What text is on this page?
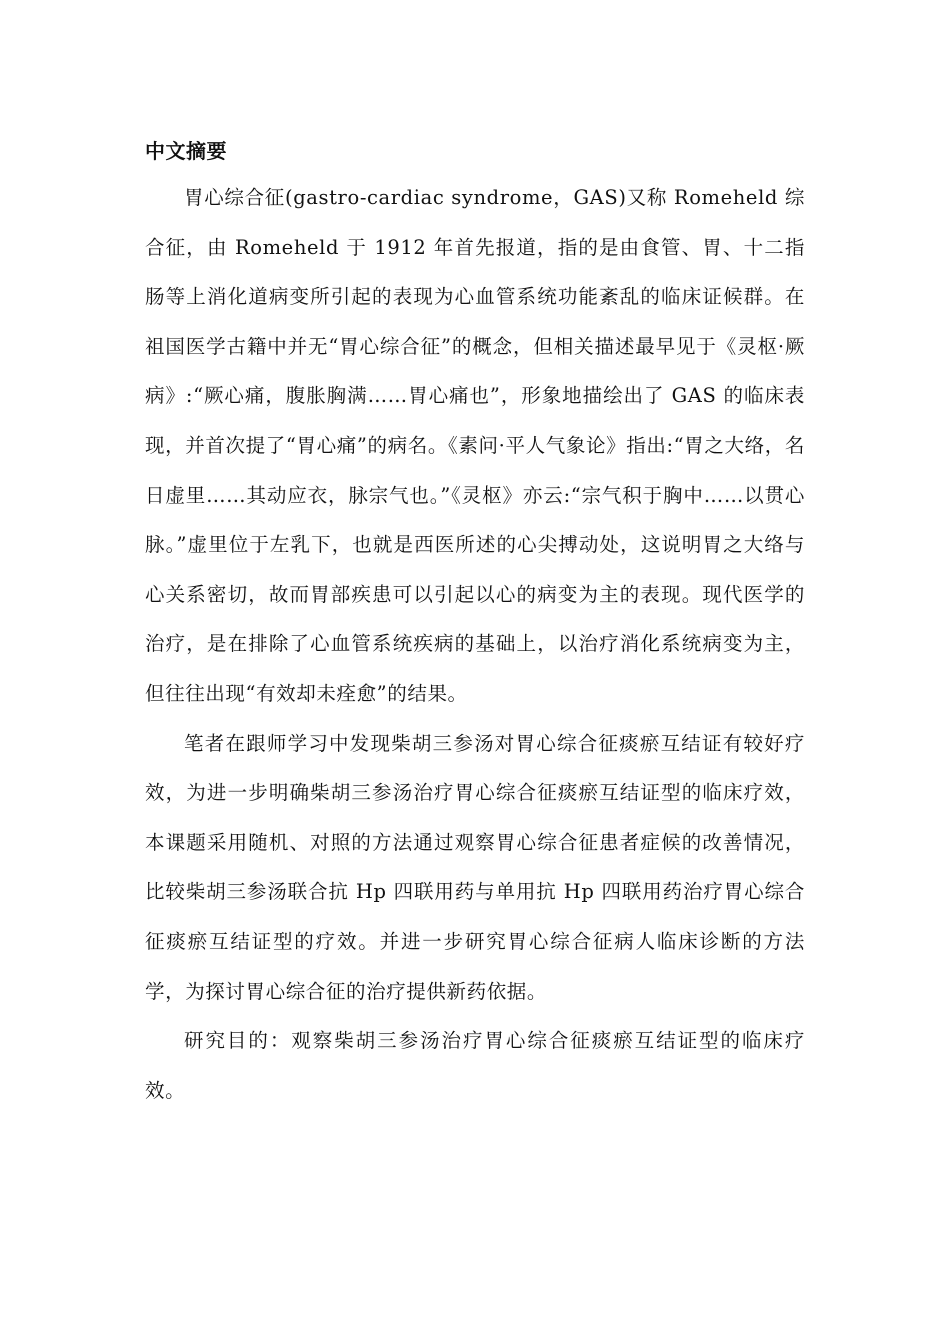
中文摘要

胃心综合征(gastro-cardiac syndrome，GAS)又称 Romeheld 综合征，由 Romeheld 于 1912 年首先报道，指的是由食管、胃、十二指肠等上消化道病变所引起的表现为心血管系统功能紊乱的临床证候群。在祖国医学古籍中并无“胃心综合征”的概念，但相关描述最早见于《灵枢·厥病》:“厥心痛，腹胀胸满……胃心痛也”，形象地描绘出了 GAS 的临床表现，并首次提了“胃心痛”的病名。《素问·平人气象论》指出:“胃之大络，名日虚里……其动应衣，脉宗气也。”《灵枢》亦云:“宗气积于胸中……以贯心脉。”虚里位于左乳下，也就是西医所述的心尖搏动处，这说明胃之大络与心关系密切，故而胃部疾患可以引起以心的病变为主的表现。现代医学的治疗，是在排除了心血管系统疾病的基础上，以治疗消化系统病变为主，但往往出现“有效却未痊愈”的结果。

笔者在跟师学习中发现柴胡三参汤对胃心综合征痰瘀互结证有较好疗效，为进一步明确柴胡三参汤治疗胃心综合征痰瘀互结证型的临床疗效，本课题采用随机、对照的方法通过观察胃心综合征患者症候的改善情况，比较柴胡三参汤联合抗 Hp 四联用药与单用抗 Hp 四联用药治疗胃心综合征痰瘀互结证型的疗效。并进一步研究胃心综合征病人临床诊断的方法学，为探讨胃心综合征的治疗提供新药依据。

研究目的：观察柴胡三参汤治疗胃心综合征痰瘀互结证型的临床疗效。
